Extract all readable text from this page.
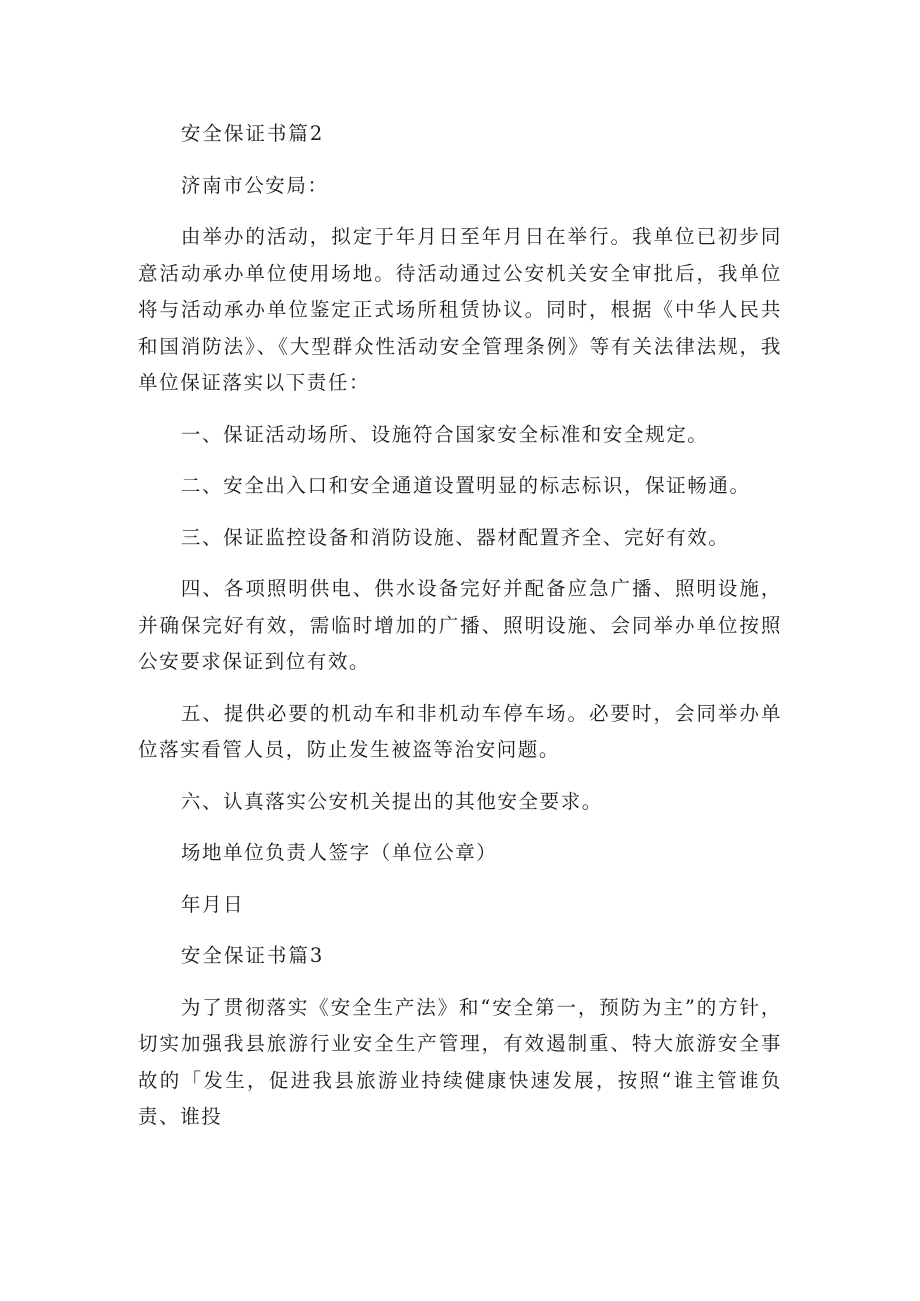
安全保证书篇2

济南市公安局：

由举办的活动，拟定于年月日至年月日在举行。我单位已初步同意活动承办单位使用场地。待活动通过公安机关安全审批后，我单位将与活动承办单位鉴定正式场所租赁协议。同时，根据《中华人民共和国消防法》、《大型群众性活动安全管理条例》等有关法律法规，我单位保证落实以下责任：

一、保证活动场所、设施符合国家安全标准和安全规定。

二、安全出入口和安全通道设置明显的标志标识，保证畅通。

三、保证监控设备和消防设施、器材配置齐全、完好有效。

四、各项照明供电、供水设备完好并配备应急广播、照明设施，并确保完好有效，需临时增加的广播、照明设施、会同举办单位按照公安要求保证到位有效。

五、提供必要的机动车和非机动车停车场。必要时，会同举办单位落实看管人员，防止发生被盗等治安问题。

六、认真落实公安机关提出的其他安全要求。

场地单位负责人签字（单位公章）

年月日

安全保证书篇3

为了贯彻落实《安全生产法》和“安全第一，预防为主”的方针，切实加强我县旅游行业安全生产管理，有效遏制重、特大旅游安全事故的「发生，促进我县旅游业持续健康快速发展，按照“谁主管谁负责、谁投
